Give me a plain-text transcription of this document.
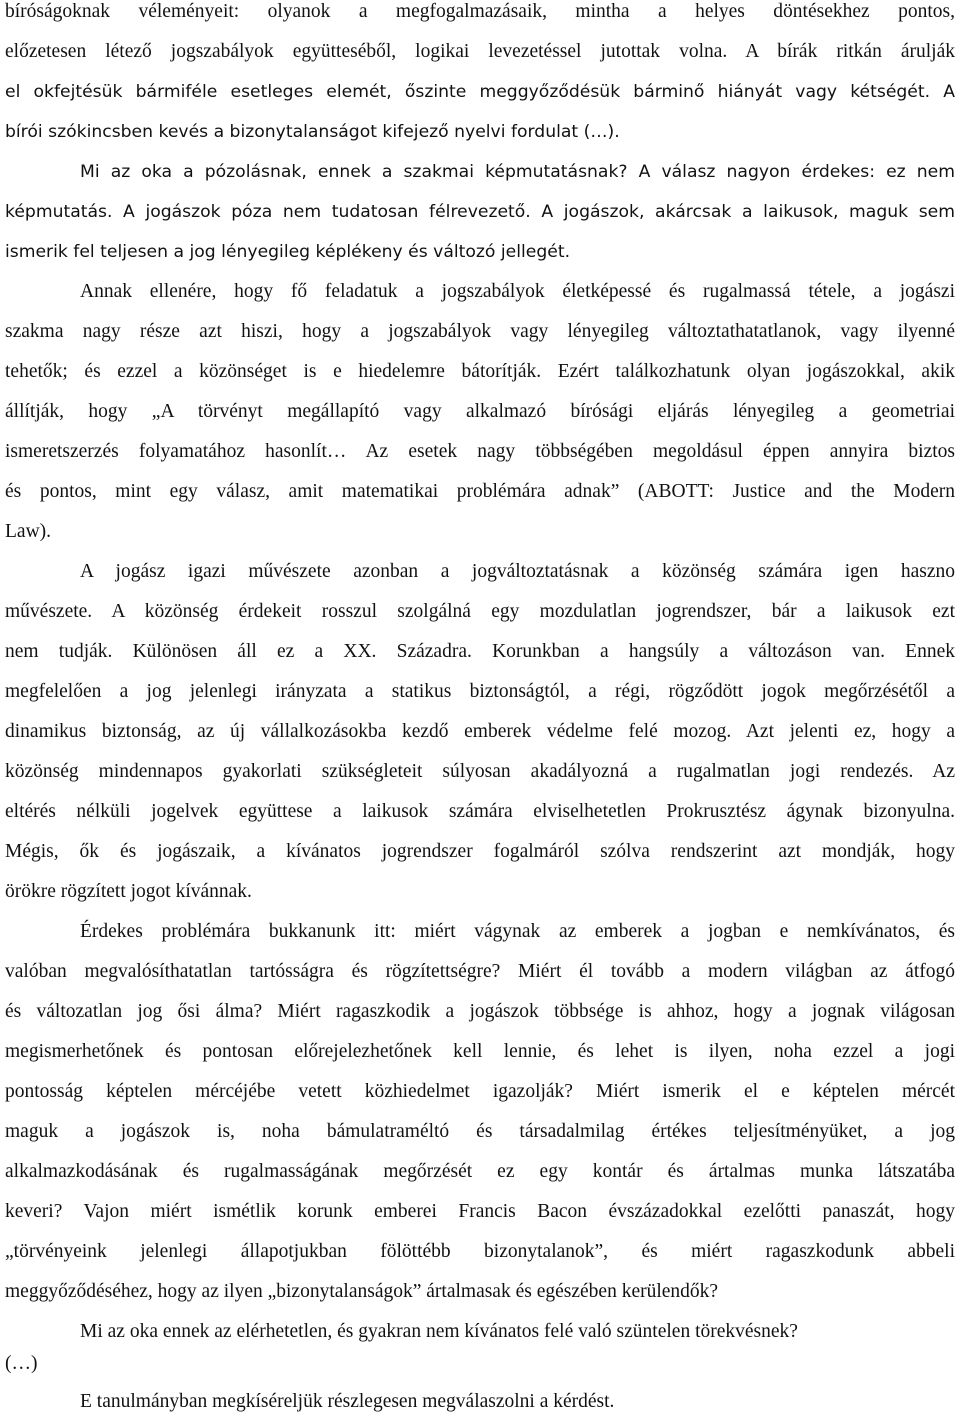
bíróságoknak véleményeit: olyanok a megfogalmazásaik, mintha a helyes döntésekhez pontos,
előzetesen létező jogszabályok együtteséből, logikai levezetéssel jutottak volna. A bírák ritkán árulják
el okfejtésük bármiféle esetleges elemét, őszinte meggyőződésük bárminő hiányát vagy kétségét. A
bírói szókincsben kevés a bizonytalanságot kifejező nyelvi fordulat (…).
Mi az oka a pózolásnak, ennek a szakmai képmutatásnak? A válasz nagyon érdekes: ez nem
képmutatás. A jogászok póza nem tudatosan félrevezető. A jogászok, akárcsak a laikusok, maguk sem
ismerik fel teljesen a jog lényegileg képlékeny és változó jellegét.
Annak ellenére, hogy fő feladatuk a jogszabályok életképessé és rugalmassá tétele, a jogászi
szakma nagy része azt hiszi, hogy a jogszabályok vagy lényegileg változtathatatlanok, vagy ilyenné
tehetők; és ezzel a közönséget is e hiedelemre bátorítják. Ezért találkozhatunk olyan jogászokkal, akik
állítják, hogy „A törvényt megállapító vagy alkalmazó bírósági eljárás lényegileg a geometriai
ismeretszerzés folyamatához hasonlít… Az esetek nagy többségében megoldásul éppen annyira biztos
és pontos, mint egy válasz, amit matematikai problémára adnak” (ABOTT: Justice and the Modern
Law).
A jogász igazi művészete azonban a jogváltoztatásnak a közönség számára igen haszno
művészete. A közönség érdekeit rosszul szolgálná egy mozdulatlan jogrendszer, bár a laikusok ezt
nem tudják. Különösen áll ez a XX. Századra. Korunkban a hangsúly a változáson van. Ennek
megfelelően a jog jelenlegi irányzata a statikus biztonságtól, a régi, rögződött jogok megőrzésétől a
dinamikus biztonság, az új vállalkozásokba kezdő emberek védelme felé mozog. Azt jelenti ez, hogy a
közönség mindennapos gyakorlati szükségleteit súlyosan akadályozná a rugalmatlan jogi rendezés. Az
eltérés nélküli jogelvek együttese a laikusok számára elviselhetetlen Prokrusztész ágynak bizonyulna.
Mégis, ők és jogászaik, a kívánatos jogrendszer fogalmáról szólva rendszerint azt mondják, hogy
örökre rögzített jogot kívánnak.
Érdekes problémára bukkanunk itt: miért vágynak az emberek a jogban e nemkívánatos, és
valóban megvalósíthatatlan tartósságra és rögzítettségre? Miért él tovább a modern világban az átfogó
és változatlan jog ősi álma? Miért ragaszkodik a jogászok többsége is ahhoz, hogy a jognak világosan
megismerhetőnek és pontosan előrejelezhetőnek kell lennie, és lehet is ilyen, noha ezzel a jogi
pontosság képtelen mércéjébe vetett közhiedelmet igazolják? Miért ismerik el e képtelen mércét
maguk a jogászok is, noha bámulatraméltó és társadalmilag értékes teljesítményüket, a jog
alkalmazkodásának és rugalmasságának megőrzését ez egy kontár és ártalmas munka látszatába
keveri? Vajon miért ismétlik korunk emberei Francis Bacon évszázadokkal ezelőtti panaszát, hogy
„törvényeink jelenlegi állapotjukban fölöttébb bizonytalanok”, és miért ragaszkodunk abbeli
meggyőződéséhez, hogy az ilyen „bizonytalanságok” ártalmasak és egészében kerülendők?
Mi az oka ennek az elérhetetlen, és gyakran nem kívánatos felé való szüntelen törekvésnek?
(…)
E tanulmányban megkíséreljük részlegesen megválaszolni a kérdést.
